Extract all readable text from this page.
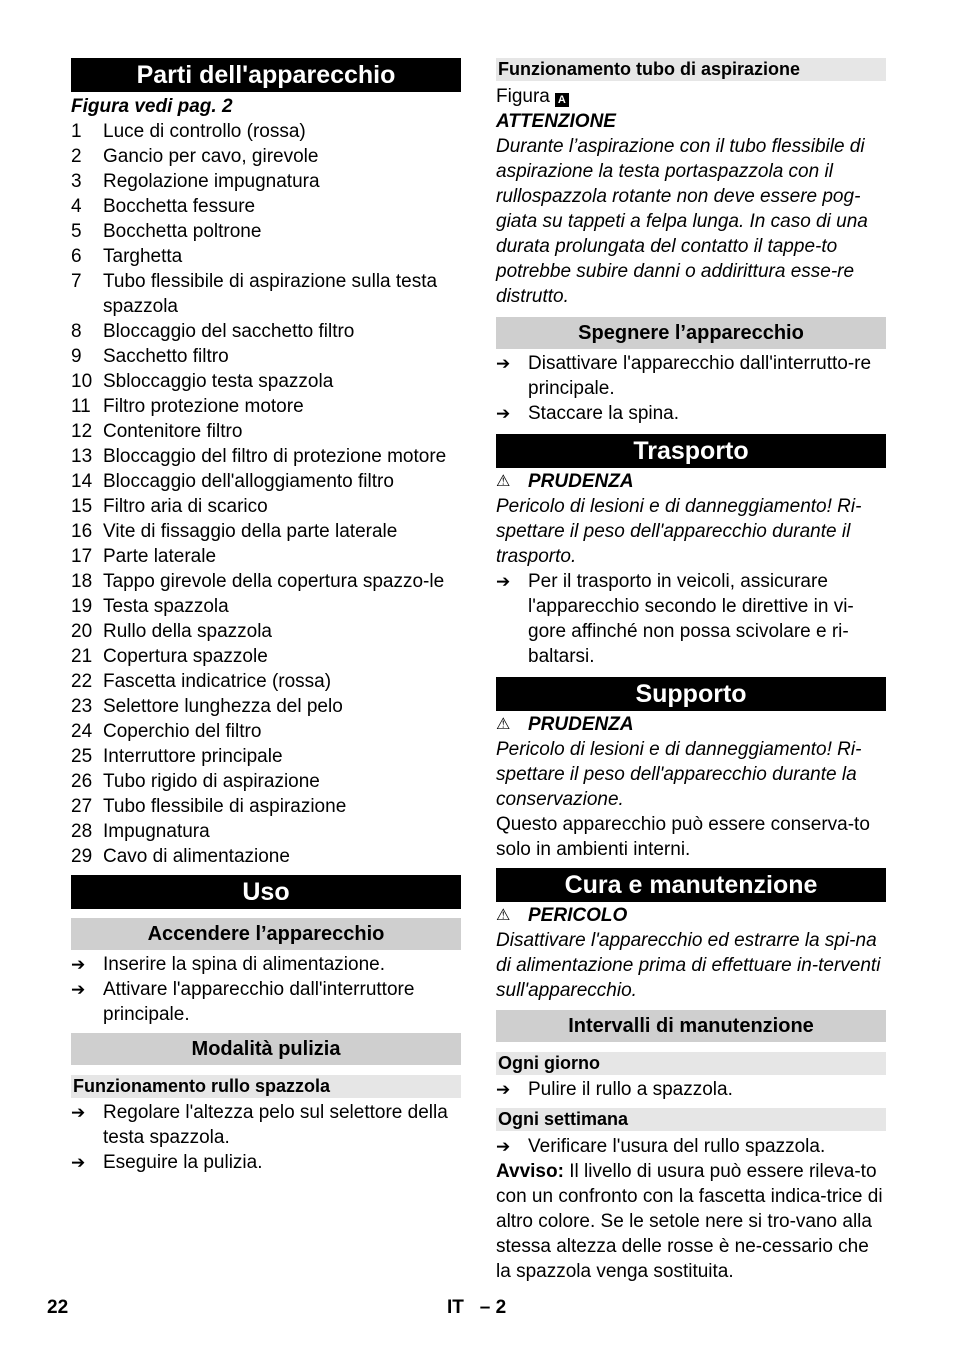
Parti dell'apparecchio
Figura vedi pag. 2
1	Luce di controllo (rossa)
2	Gancio per cavo, girevole
3	Regolazione impugnatura
4	Bocchetta fessure
5	Bocchetta poltrone
6	Targhetta
7	Tubo flessibile di aspirazione sulla testa spazzola
8	Bloccaggio del sacchetto filtro
9	Sacchetto filtro
10 Sbloccaggio testa spazzola
11 Filtro protezione motore
12 Contenitore filtro
13 Bloccaggio del filtro di protezione motore
14 Bloccaggio dell'alloggiamento filtro
15 Filtro aria di scarico
16 Vite di fissaggio della parte laterale
17 Parte laterale
18 Tappo girevole della copertura spazzo-le
19 Testa spazzola
20 Rullo della spazzola
21 Copertura spazzole
22 Fascetta indicatrice (rossa)
23 Selettore lunghezza del pelo
24 Coperchio del filtro
25 Interruttore principale
26 Tubo rigido di aspirazione
27 Tubo flessibile di aspirazione
28 Impugnatura
29 Cavo di alimentazione
Uso
Accendere l’apparecchio
➔ Inserire la spina di alimentazione.
➔ Attivare l'apparecchio dall'interruttore principale.
Modalità pulizia
Funzionamento rullo spazzola
➔ Regolare l'altezza pelo sul selettore della testa spazzola.
➔ Eseguire la pulizia.
Funzionamento tubo di aspirazione
Figura A
ATTENZIONE
Durante l’aspirazione con il tubo flessibile di aspirazione la testa portaspazzola con il rullospazzola rotante non deve essere pog-giata su tappeti a felpa lunga. In caso di una durata prolungata del contatto il tappe-to potrebbe subire danni o addirittura esse-re distrutto.
Spegnere l’apparecchio
➔ Disattivare l'apparecchio dall'interrutto-re principale.
➔ Staccare la spina.
Trasporto
⚠ PRUDENZA
Pericolo di lesioni e di danneggiamento! Ri-spettare il peso dell'apparecchio durante il trasporto.
➔ Per il trasporto in veicoli, assicurare l'apparecchio secondo le direttive in vi-gore affinché non possa scivolare e ri-baltarsi.
Supporto
⚠ PRUDENZA
Pericolo di lesioni e di danneggiamento! Ri-spettare il peso dell'apparecchio durante la conservazione.
Questo apparecchio può essere conserva-to solo in ambienti interni.
Cura e manutenzione
⚠ PERICOLO
Disattivare l'apparecchio ed estrarre la spi-na di alimentazione prima di effettuare in-terventi sull'apparecchio.
Intervalli di manutenzione
Ogni giorno
➔ Pulire il rullo a spazzola.
Ogni settimana
➔ Verificare l'usura del rullo spazzola.
Avviso: Il livello di usura può essere rileva-to con un confronto con la fascetta indica-trice di altro colore. Se le setole nere si tro-vano alla stessa altezza delle rosse è ne-cessario che la spazzola venga sostituita.
22	IT   – 2
